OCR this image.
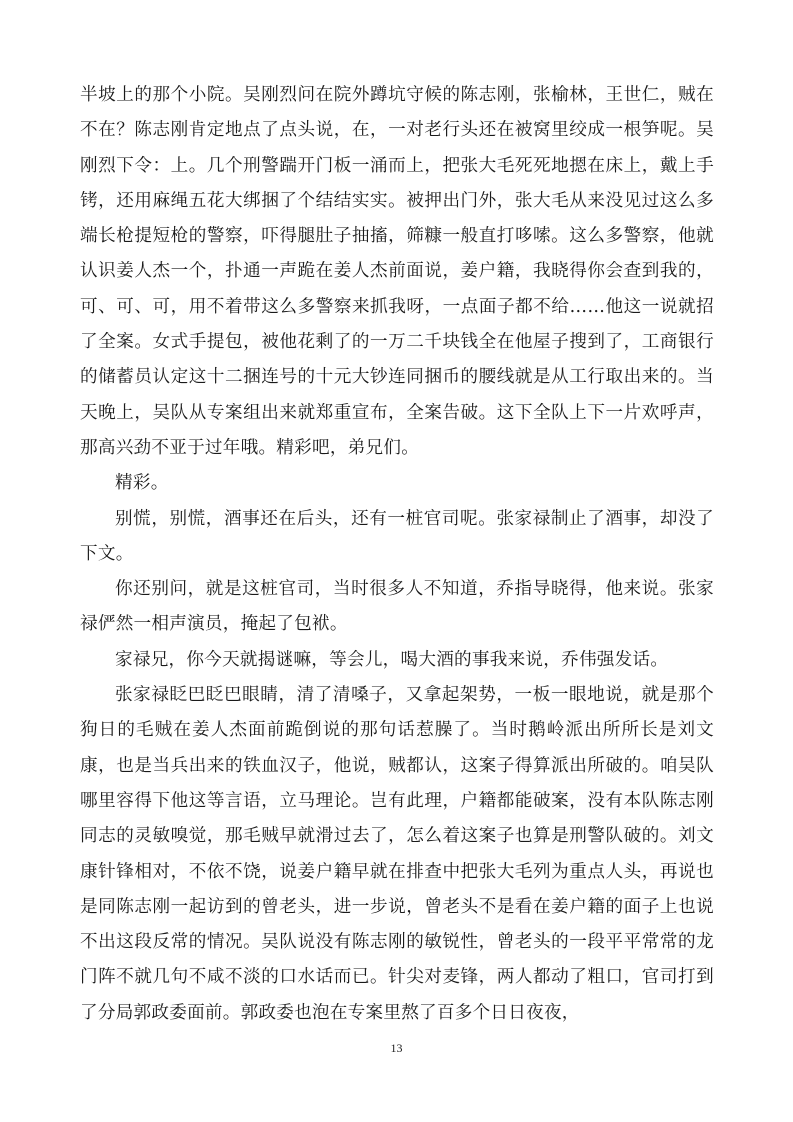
半坡上的那个小院。吴刚烈问在院外蹲坑守候的陈志刚，张榆林，王世仁，贼在不在？陈志刚肯定地点了点头说，在，一对老行头还在被窝里绞成一根笋呢。吴刚烈下令：上。几个刑警踹开门板一涌而上，把张大毛死死地摁在床上，戴上手铐，还用麻绳五花大绑捆了个结结实实。被押出门外，张大毛从来没见过这么多端长枪提短枪的警察，吓得腿肚子抽搐，筛糠一般直打哆嗦。这么多警察，他就认识姜人杰一个，扑通一声跪在姜人杰前面说，姜户籍，我晓得你会查到我的，可、可、可，用不着带这么多警察来抓我呀，一点面子都不给……他这一说就招了全案。女式手提包，被他花剩了的一万二千块钱全在他屋子搜到了，工商银行的储蓄员认定这十二捆连号的十元大钞连同捆币的腰线就是从工行取出来的。当天晚上，吴队从专案组出来就郑重宣布，全案告破。这下全队上下一片欢呼声，那高兴劲不亚于过年哦。精彩吧，弟兄们。

精彩。

别慌，别慌，酒事还在后头，还有一桩官司呢。张家禄制止了酒事，却没了下文。

你还别问，就是这桩官司，当时很多人不知道，乔指导晓得，他来说。张家禄俨然一相声演员，掩起了包袱。

家禄兄，你今天就揭谜嘛，等会儿，喝大酒的事我来说，乔伟强发话。

张家禄眨巴眨巴眼睛，清了清嗓子，又拿起架势，一板一眼地说，就是那个狗日的毛贼在姜人杰面前跪倒说的那句话惹臊了。当时鹅岭派出所所长是刘文康，也是当兵出来的铁血汉子，他说，贼都认，这案子得算派出所破的。咱吴队哪里容得下他这等言语，立马理论。岂有此理，户籍都能破案，没有本队陈志刚同志的灵敏嗅觉，那毛贼早就滑过去了，怎么着这案子也算是刑警队破的。刘文康针锋相对，不依不饶，说姜户籍早就在排查中把张大毛列为重点人头，再说也是同陈志刚一起访到的曾老头，进一步说，曾老头不是看在姜户籍的面子上也说不出这段反常的情况。吴队说没有陈志刚的敏锐性，曾老头的一段平平常常的龙门阵不就几句不咸不淡的口水话而已。针尖对麦锋，两人都动了粗口，官司打到了分局郭政委面前。郭政委也泡在专案里熬了百多个日日夜夜，

13
